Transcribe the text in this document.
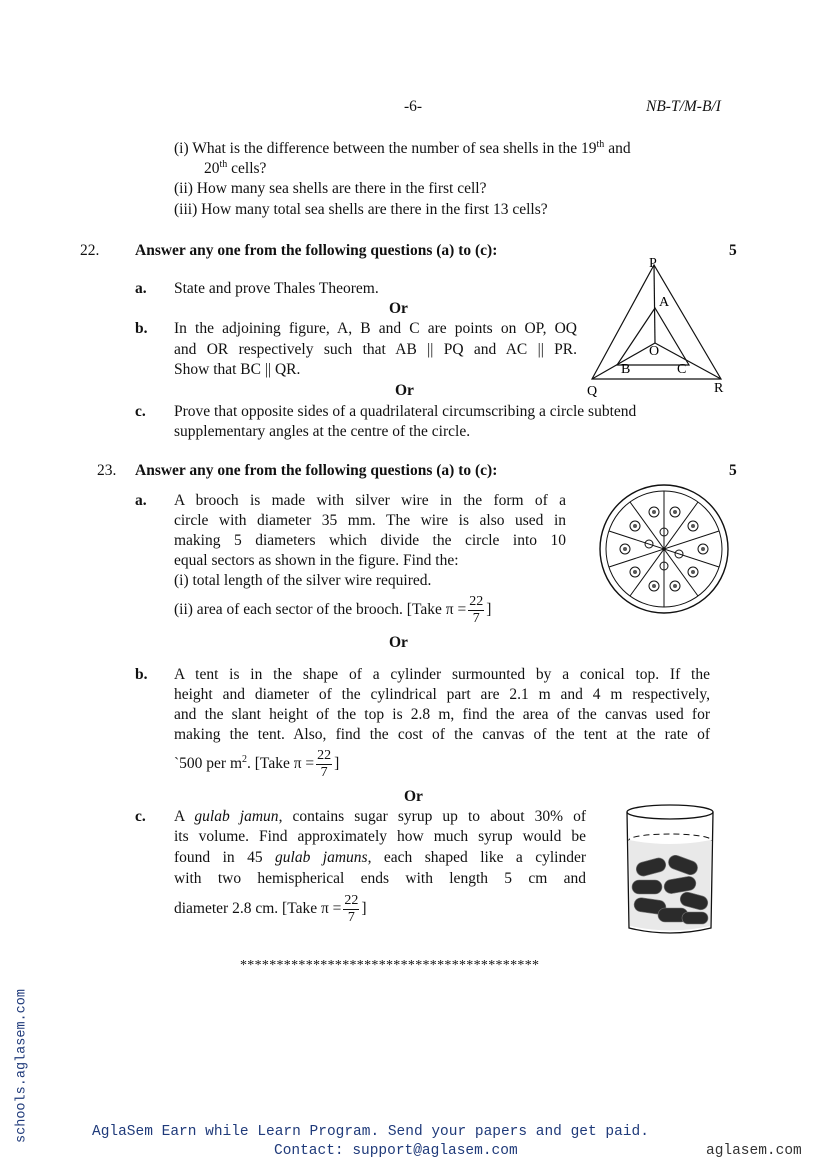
-6-	NB-T/M-B/I
(i) What is the difference between the number of sea shells in the 19th and
20th cells?
(ii) How many sea shells are there in the first cell?
(iii) How many total sea shells are there in the first 13 cells?
22. Answer any one from the following questions (a) to (c):	5
a. State and prove Thales Theorem.
Or
b. In the adjoining figure, A, B and C are points on OP, OQ
and OR respectively such that AB || PQ and AC || PR.
Show that BC || QR.
Or
c. Prove that opposite sides of a quadrilateral circumscribing a circle subtend
supplementary angles at the centre of the circle.
P
A
O
B	C
Q	R
23. Answer any one from the following questions (a) to (c):	5
a. A brooch is made with silver wire in the form of a
circle with diameter 35 mm. The wire is also used in
making 5 diameters which divide the circle into 10
equal sectors as shown in the figure. Find the:
(i) total length of the silver wire required.
(ii) area of each sector of the brooch. [Take $\pi = \frac{22}{7}$ ]
Or
b. A tent is in the shape of a cylinder surmounted by a conical top. If the
height and diameter of the cylindrical part are 2.1 m and 4 m respectively,
and the slant height of the top is 2.8 m, find the area of the canvas used for
making the tent. Also, find the cost of the canvas of the tent at the rate of
`500 per $m^2$. [Take $\pi = \frac{22}{7}$ ]
Or
c. A gulab jamun, contains sugar syrup up to about 30% of
its volume. Find approximately how much syrup would be
found in 45 gulab jamuns, each shaped like a cylinder
with two hemispherical ends with length 5 cm and
diameter 2.8 cm. [Take $\pi = \frac{22}{7}$ ]
*****************************************
schools.aglasem.com	AglaSem Earn while Learn Program. Send your papers and get paid.
Contact: support@aglasem.com	aglasem.com
